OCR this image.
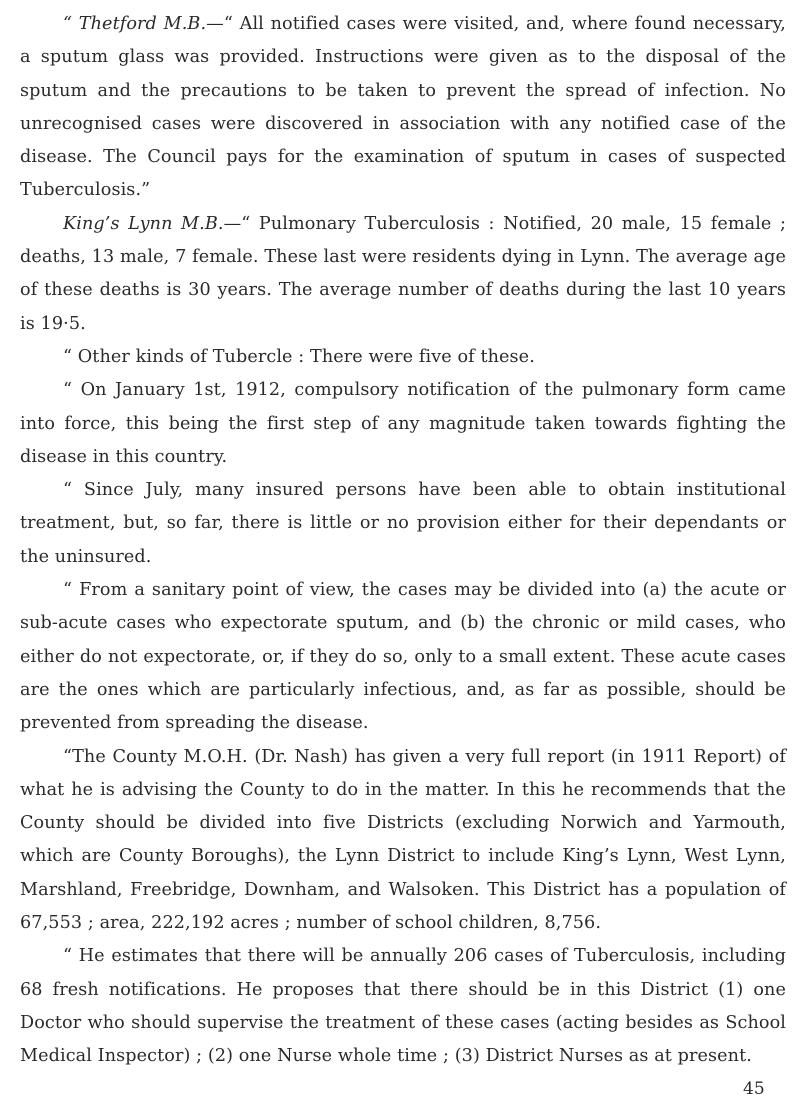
“ Thetford M.B.—“ All notified cases were visited, and, where found necessary, a sputum glass was provided. Instructions were given as to the disposal of the sputum and the precautions to be taken to prevent the spread of infection. No unrecognised cases were discovered in association with any notified case of the disease. The Council pays for the examination of sputum in cases of suspected Tuberculosis.”

King’s Lynn M.B.—“ Pulmonary Tuberculosis : Notified, 20 male, 15 female ; deaths, 13 male, 7 female. These last were residents dying in Lynn. The average age of these deaths is 30 years. The average number of deaths during the last 10 years is 19·5.

“ Other kinds of Tubercle : There were five of these.

“ On January 1st, 1912, compulsory notification of the pulmonary form came into force, this being the first step of any magnitude taken towards fighting the disease in this country.

“ Since July, many insured persons have been able to obtain institutional treatment, but, so far, there is little or no provision either for their dependants or the uninsured.

“ From a sanitary point of view, the cases may be divided into (a) the acute or sub-acute cases who expectorate sputum, and (b) the chronic or mild cases, who either do not expectorate, or, if they do so, only to a small extent. These acute cases are the ones which are particularly infectious, and, as far as possible, should be prevented from spreading the disease.

“The County M.O.H. (Dr. Nash) has given a very full report (in 1911 Report) of what he is advising the County to do in the matter. In this he recommends that the County should be divided into five Districts (excluding Norwich and Yarmouth, which are County Boroughs), the Lynn District to include King’s Lynn, West Lynn, Marshland, Freebridge, Downham, and Walsoken. This District has a population of 67,553 ; area, 222,192 acres ; number of school children, 8,756.

“ He estimates that there will be annually 206 cases of Tuberculosis, including 68 fresh notifications. He proposes that there should be in this District (1) one Doctor who should supervise the treatment of these cases (acting besides as School Medical Inspector) ; (2) one Nurse whole time ; (3) District Nurses as at present.

45
